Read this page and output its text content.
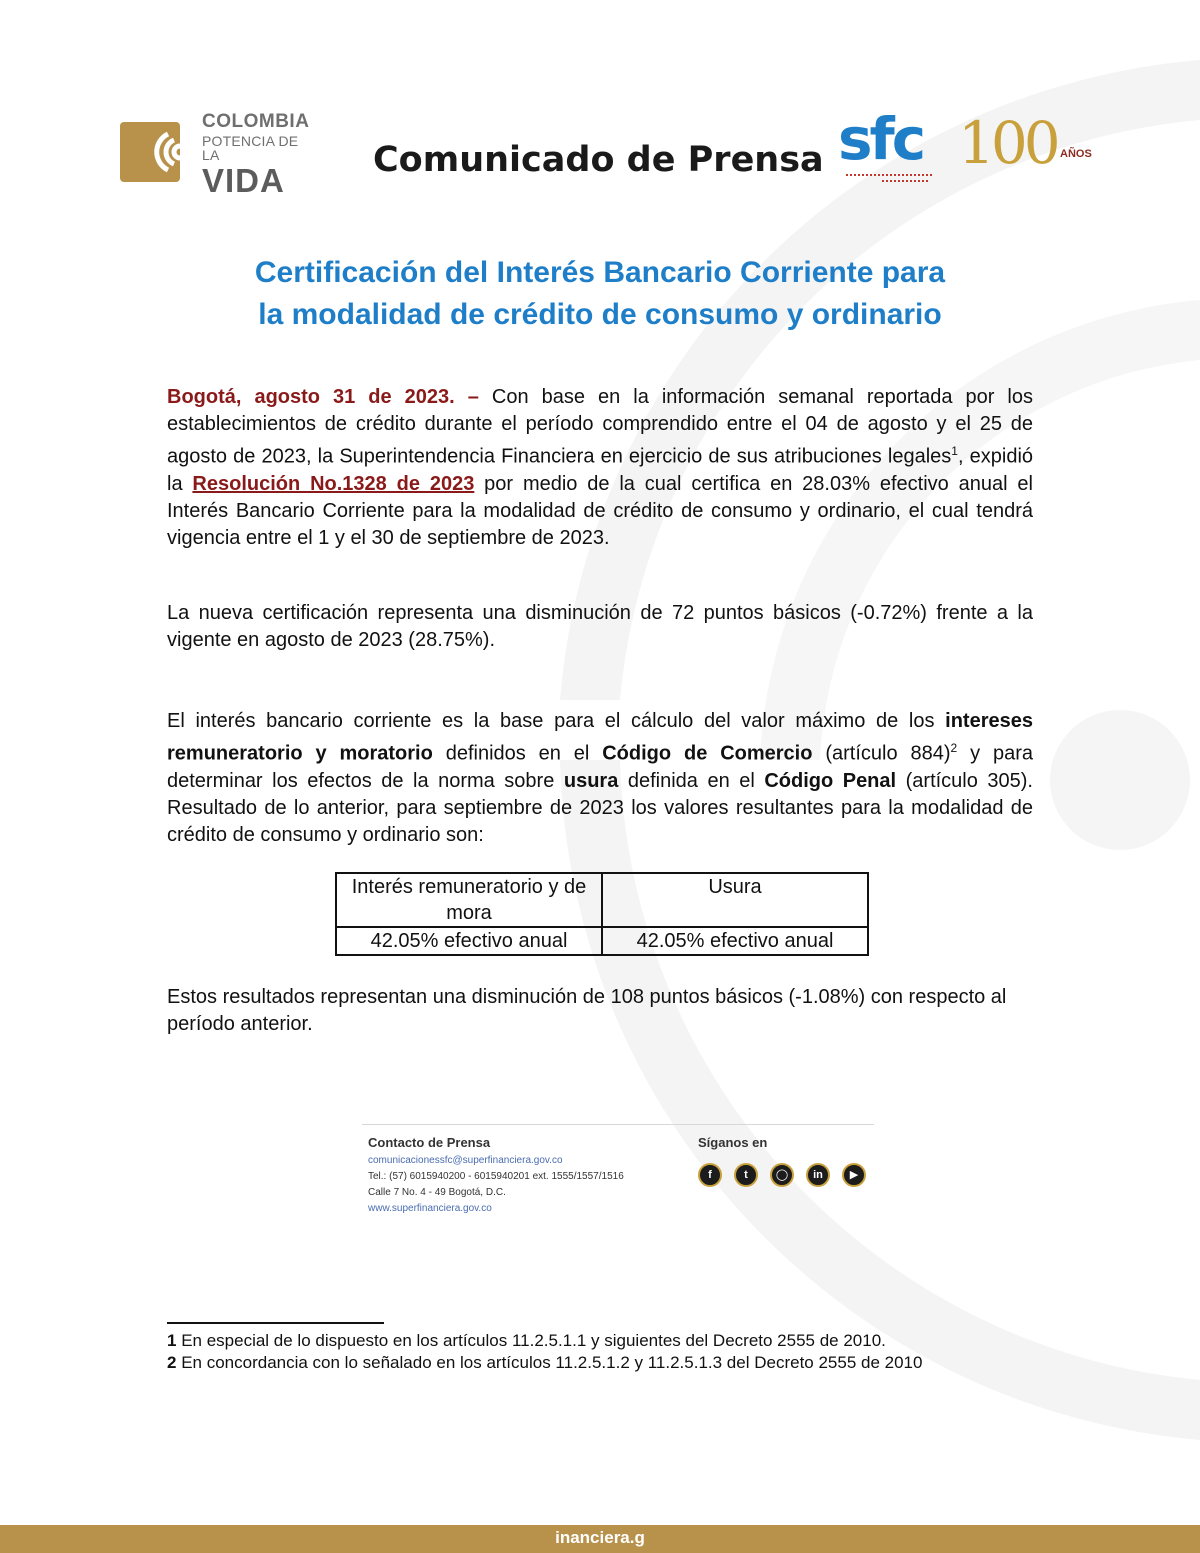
COLOMBIA
POTENCIA DE LA
VIDA
Comunicado de Prensa sfc 100 AÑOS
Certificación del Interés Bancario Corriente para
la modalidad de crédito de consumo y ordinario
Bogotá, agosto 31 de 2023. – Con base en la información semanal reportada por los establecimientos de crédito durante el período comprendido entre el 04 de agosto y el 25 de agosto de 2023, la Superintendencia Financiera en ejercicio de sus atribuciones legales$^1$, expidió la Resolución No.1328 de 2023 por medio de la cual certifica en 28.03% efectivo anual el Interés Bancario Corriente para la modalidad de crédito de consumo y ordinario, el cual tendrá vigencia entre el 1 y el 30 de septiembre de 2023.
La nueva certificación representa una disminución de 72 puntos básicos (-0.72%) frente a la vigente en agosto de 2023 (28.75%).
El interés bancario corriente es la base para el cálculo del valor máximo de los intereses remuneratorio y moratorio definidos en el Código de Comercio (artículo 884)$^2$ y para determinar los efectos de la norma sobre usura definida en el Código Penal (artículo 305). Resultado de lo anterior, para septiembre de 2023 los valores resultantes para la modalidad de crédito de consumo y ordinario son:
Interés remuneratorio y de mora	Usura
42.05% efectivo anual	42.05% efectivo anual
Estos resultados representan una disminución de 108 puntos básicos (-1.08%) con respecto al período anterior.
Contacto de Prensa
comunicacionessfc@superfinanciera.gov.co
Tel.: (57) 6015940200 - 6015940201 ext. 1555/1557/1516
Calle 7 No. 4 - 49 Bogotá, D.C.
www.superfinanciera.gov.co
Síganos en
f	t	◯	in	▶
1 En especial de lo dispuesto en los artículos 11.2.5.1.1 y siguientes del Decreto 2555 de 2010.
2 En concordancia con lo señalado en los artículos 11.2.5.1.2 y 11.2.5.1.3 del Decreto 2555 de 2010
inanciera.g
